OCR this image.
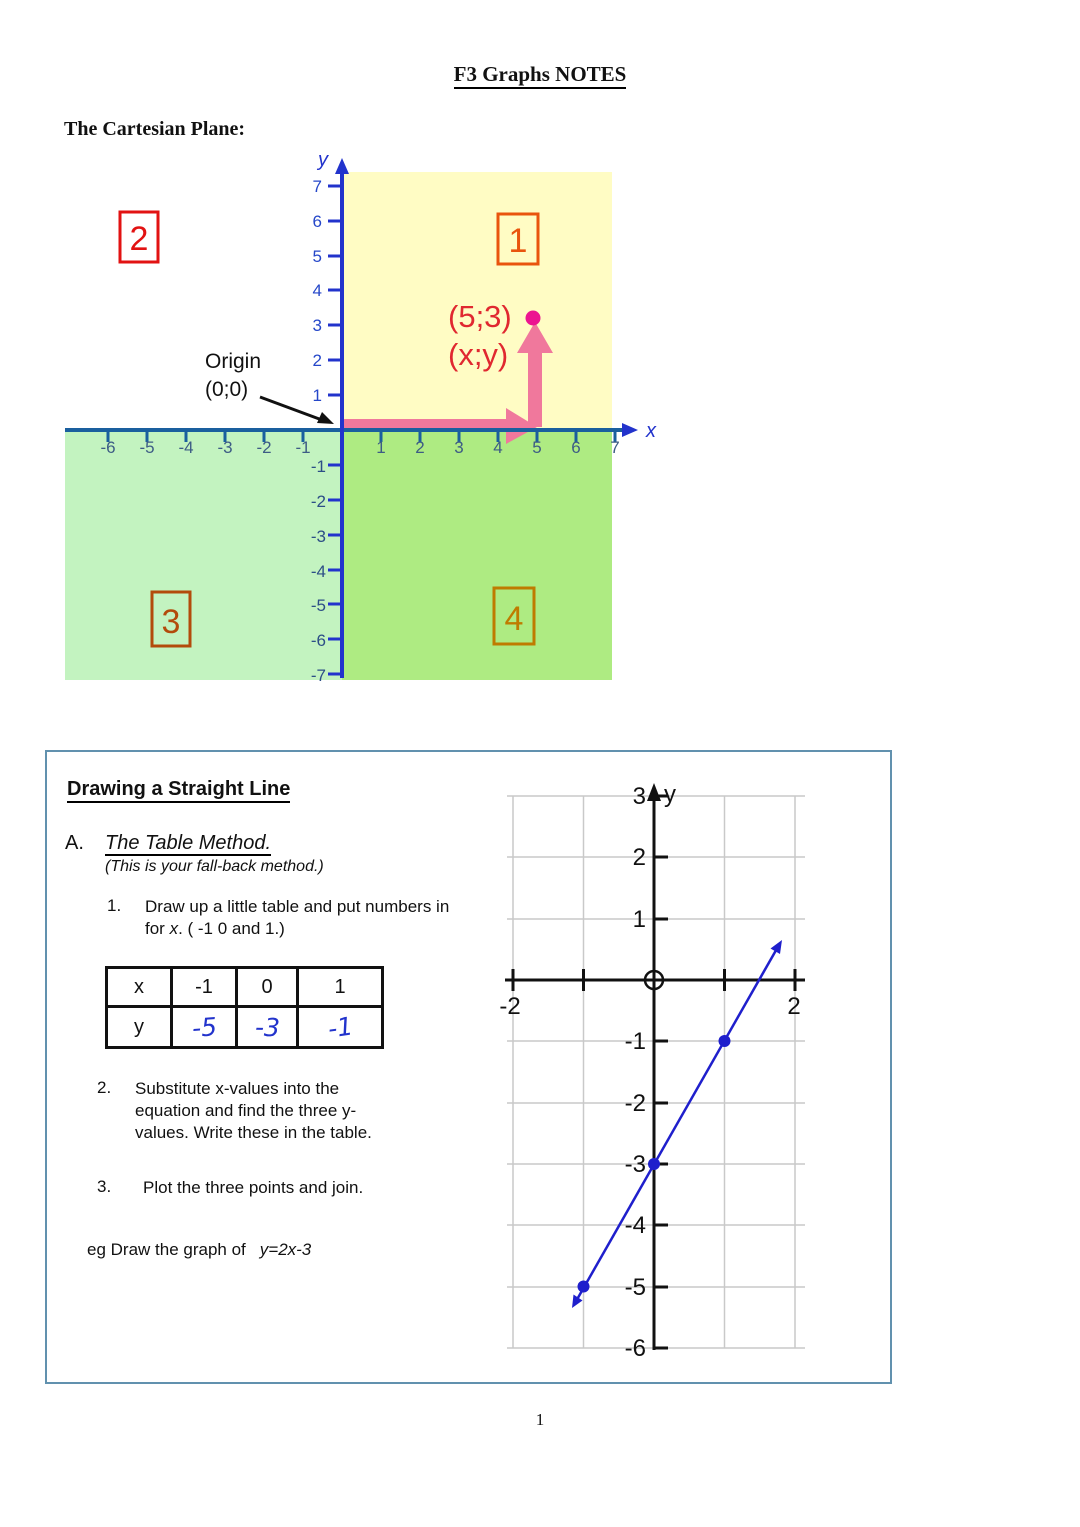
F3 Graphs NOTES
The Cartesian Plane:
-6 -5 -4 -3 -2 -1	1 2 3 4 5 6 7
7
6
5
4
3
2
1
-1
-2
-3
-4
-5
-6
-7
y
x
1
2
3	4
Origin
(0;0)
(5;3)
(x;y)
Drawing a Straight Line
A. The Table Method.
(This is your fall-back method.)
1. Draw up a little table and put numbers in for x. ( -1 0 and 1.)
x	-1	0	1
y	-5	-3	-1
2. Substitute x-values into the equation and find the three y-values. Write these in the table.
3. Plot the three points and join.
eg Draw the graph of y=2x-3
3
2
1
-1
-2
-3
-4
-5
-6
-2	2
y
1
